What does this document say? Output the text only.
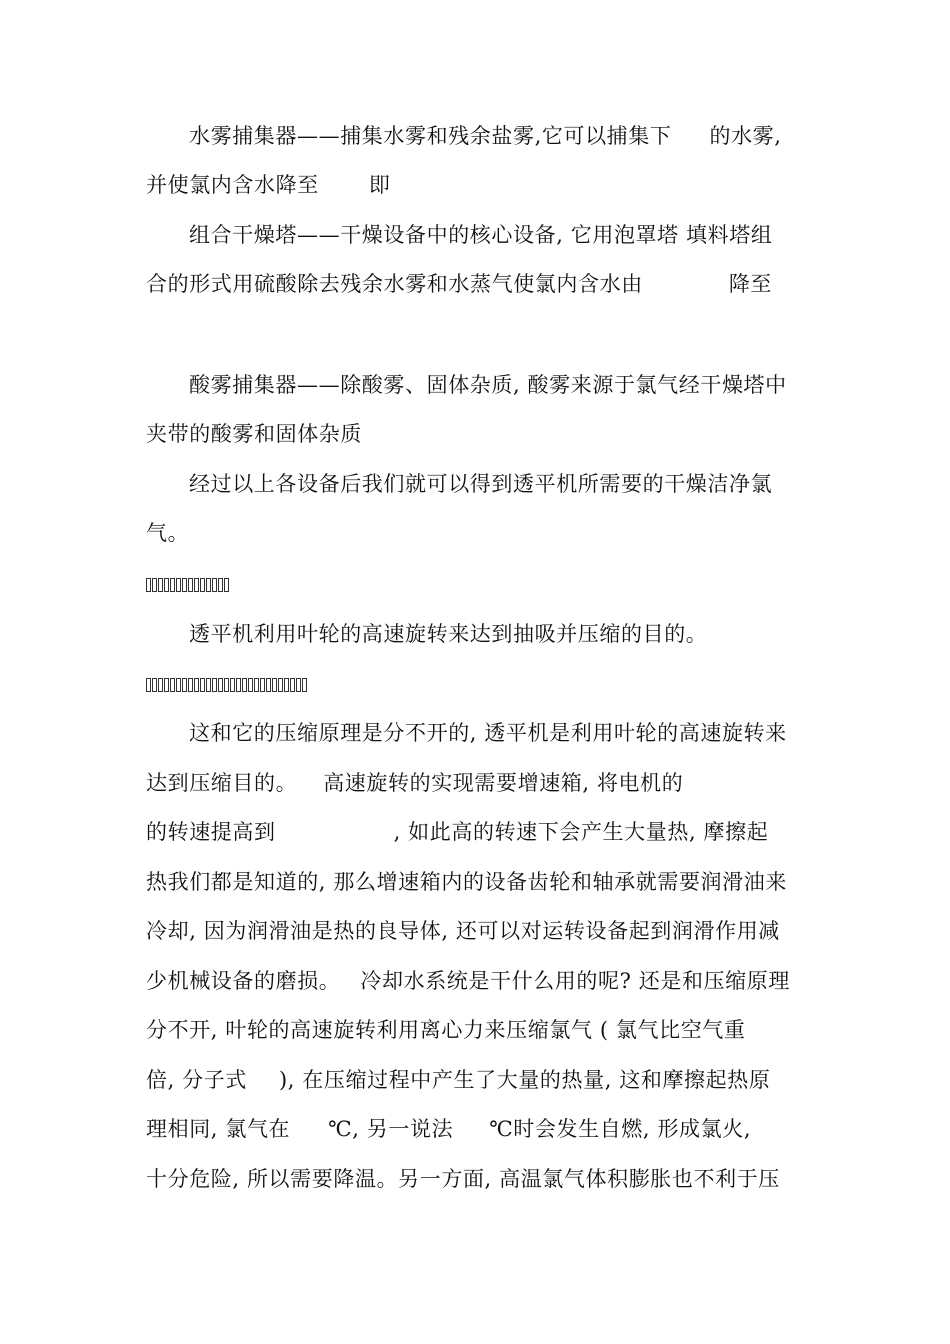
水雾捕集器——捕集水雾和残余盐雾,它可以捕集下 的水雾,
并使氯内含水降至 即
组合干燥塔——干燥设备中的核心设备, 它用泡罩塔 填料塔组
合的形式用硫酸除去残余水雾和水蒸气使氯内含水由	降至
酸雾捕集器——除酸雾、固体杂质, 酸雾来源于氯气经干燥塔中
夹带的酸雾和固体杂质
经过以上各设备后我们就可以得到透平机所需要的干燥洁净氯
气。
透平机利用叶轮的高速旋转来达到抽吸并压缩的目的。
这和它的压缩原理是分不开的, 透平机是利用叶轮的高速旋转来
达到压缩目的。 高速旋转的实现需要增速箱, 将电机的
的转速提高到	, 如此高的转速下会产生大量热, 摩擦起
热我们都是知道的, 那么增速箱内的设备齿轮和轴承就需要润滑油来
冷却, 因为润滑油是热的良导体, 还可以对运转设备起到润滑作用减
少机械设备的磨损。 冷却水系统是干什么用的呢? 还是和压缩原理
分不开, 叶轮的高速旋转利用离心力来压缩氯气 ( 氯气比空气重
倍, 分子式 ), 在压缩过程中产生了大量的热量, 这和摩擦起热原
理相同, 氯气在 ℃, 另一说法 ℃时会发生自燃, 形成氯火,
十分危险, 所以需要降温。另一方面, 高温氯气体积膨胀也不利于压
